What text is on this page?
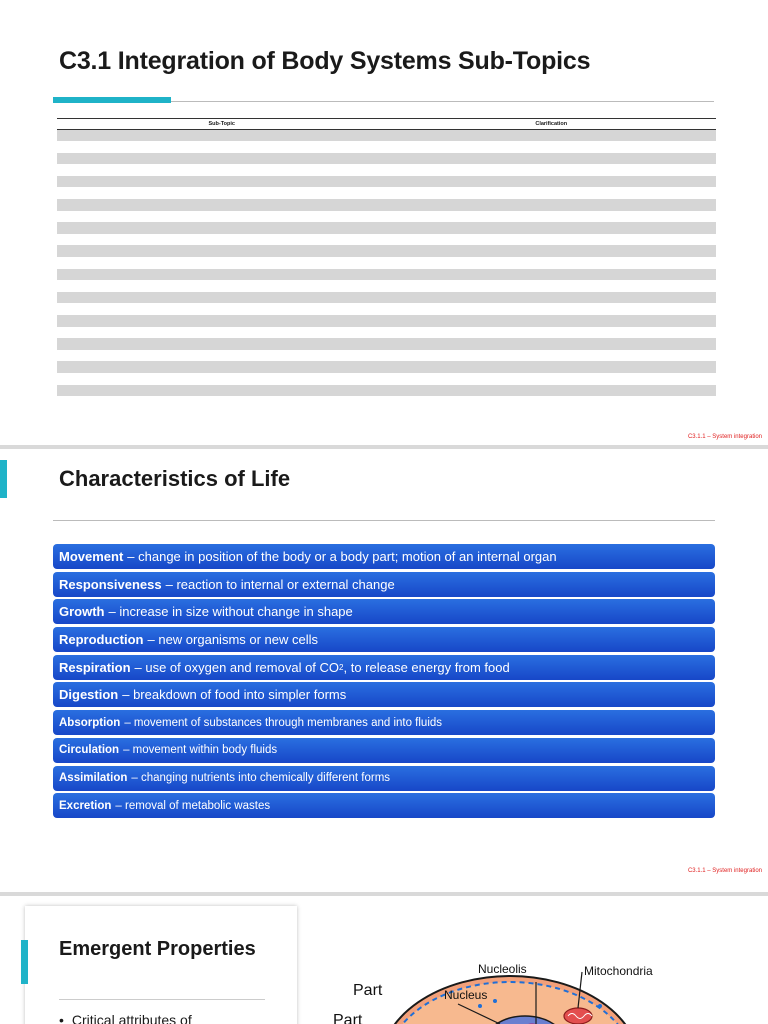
C3.1 Integration of Body Systems Sub-Topics
Sub-Topic	Clarification

C3.1.1 – System integration
Characteristics of Life
Movement – change in position of the body or a body part; motion of an internal organ
Responsiveness – reaction to internal or external change
Growth – increase in size without change in shape
Reproduction – new organisms or new cells
Respiration – use of oxygen and removal of CO 2 , to release energy from food
Digestion – breakdown of food into simpler forms
Absorption – movement of substances through membranes and into fluids
Circulation – movement within body fluids
Assimilation – changing nutrients into chemically different forms
Excretion – removal of metabolic wastes
C3.1.1 – System integration
Emergent Properties
• Critical attributes of
Nucleolis
Nucleus
Mitochondria
Part
Part
